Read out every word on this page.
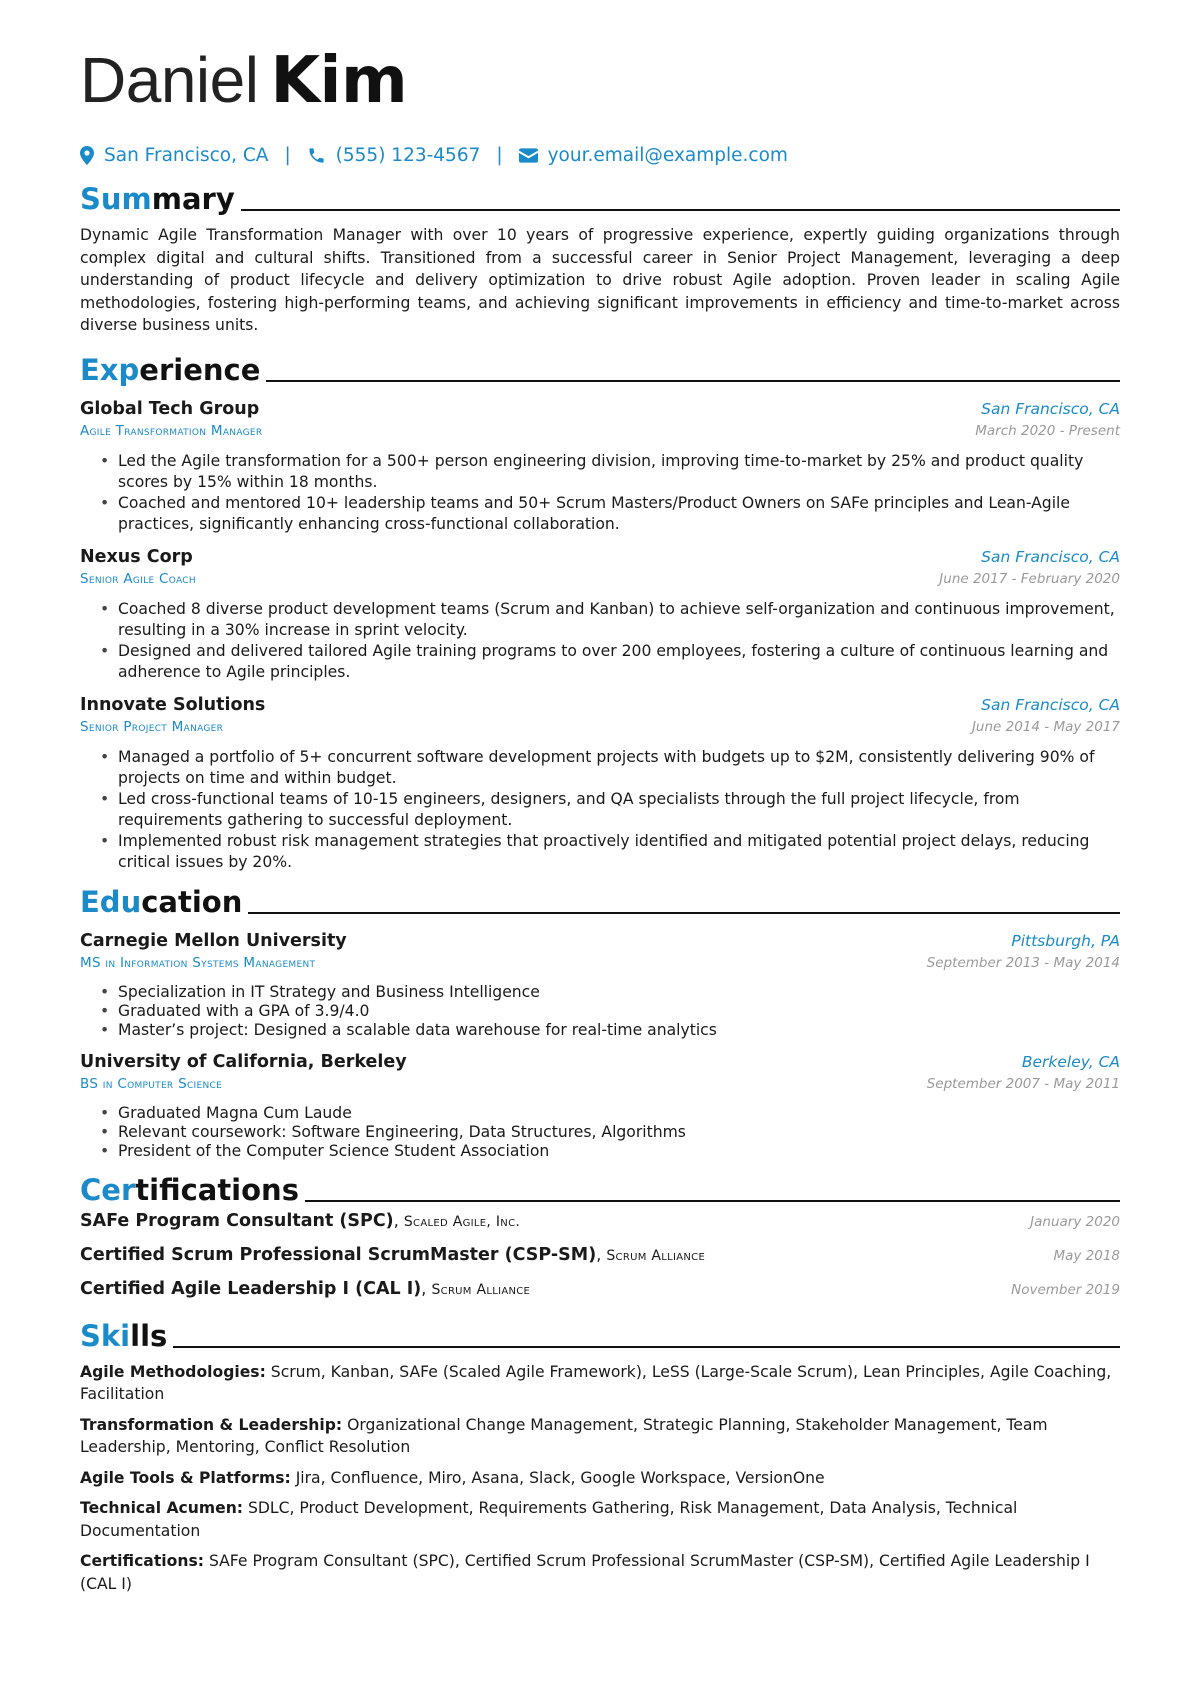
Daniel Kim
San Francisco, CA | (555) 123-4567 | your.email@example.com
Summary
Dynamic Agile Transformation Manager with over 10 years of progressive experience, expertly guiding organizations through complex digital and cultural shifts. Transitioned from a successful career in Senior Project Management, leveraging a deep understanding of product lifecycle and delivery optimization to drive robust Agile adoption. Proven leader in scaling Agile methodologies, fostering high-performing teams, and achieving significant improvements in efficiency and time-to-market across diverse business units.
Experience
Global Tech Group	San Francisco, CA
Agile Transformation Manager	March 2020 - Present
• Led the Agile transformation for a 500+ person engineering division, improving time-to-market by 25% and product quality scores by 15% within 18 months.
• Coached and mentored 10+ leadership teams and 50+ Scrum Masters/Product Owners on SAFe principles and Lean-Agile practices, significantly enhancing cross-functional collaboration.
Nexus Corp	San Francisco, CA
Senior Agile Coach	June 2017 - February 2020
• Coached 8 diverse product development teams (Scrum and Kanban) to achieve self-organization and continuous improvement, resulting in a 30% increase in sprint velocity.
• Designed and delivered tailored Agile training programs to over 200 employees, fostering a culture of continuous learning and adherence to Agile principles.
Innovate Solutions	San Francisco, CA
Senior Project Manager	June 2014 - May 2017
• Managed a portfolio of 5+ concurrent software development projects with budgets up to $2M, consistently delivering 90% of projects on time and within budget.
• Led cross-functional teams of 10-15 engineers, designers, and QA specialists through the full project lifecycle, from requirements gathering to successful deployment.
• Implemented robust risk management strategies that proactively identified and mitigated potential project delays, reducing critical issues by 20%.
Education
Carnegie Mellon University	Pittsburgh, PA
MS in Information Systems Management	September 2013 - May 2014
• Specialization in IT Strategy and Business Intelligence
• Graduated with a GPA of 3.9/4.0
• Master’s project: Designed a scalable data warehouse for real-time analytics
University of California, Berkeley	Berkeley, CA
BS in Computer Science	September 2007 - May 2011
• Graduated Magna Cum Laude
• Relevant coursework: Software Engineering, Data Structures, Algorithms
• President of the Computer Science Student Association
Certifications
SAFe Program Consultant (SPC), Scaled Agile, Inc.	January 2020
Certified Scrum Professional ScrumMaster (CSP-SM), Scrum Alliance	May 2018
Certified Agile Leadership I (CAL I), Scrum Alliance	November 2019
Skills
Agile Methodologies: Scrum, Kanban, SAFe (Scaled Agile Framework), LeSS (Large-Scale Scrum), Lean Principles, Agile Coaching, Facilitation
Transformation & Leadership: Organizational Change Management, Strategic Planning, Stakeholder Management, Team Leadership, Mentoring, Conflict Resolution
Agile Tools & Platforms: Jira, Confluence, Miro, Asana, Slack, Google Workspace, VersionOne
Technical Acumen: SDLC, Product Development, Requirements Gathering, Risk Management, Data Analysis, Technical Documentation
Certifications: SAFe Program Consultant (SPC), Certified Scrum Professional ScrumMaster (CSP-SM), Certified Agile Leadership I (CAL I)
